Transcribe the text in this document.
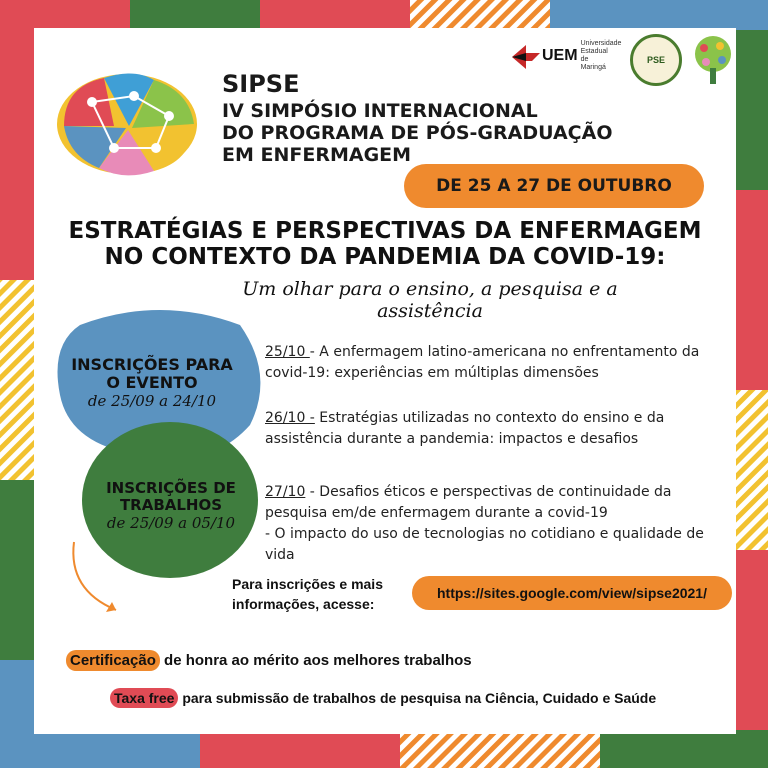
SIPSE
IV SIMPÓSIO INTERNACIONAL
DO PROGRAMA DE PÓS-GRADUAÇÃO
EM ENFERMAGEM
UEM
Universidade Estadual de Maringá
PSE
DE 25 A 27 DE OUTUBRO
ESTRATÉGIAS E PERSPECTIVAS DA ENFERMAGEM
NO CONTEXTO DA PANDEMIA DA COVID-19:
Um olhar para o ensino, a pesquisa e a assistência
INSCRIÇÕES PARA
O EVENTO
de 25/09 a 24/10
INSCRIÇÕES DE
TRABALHOS
de 25/09 a 05/10
25/10 - A enfermagem latino-americana no enfrentamento da covid-19: experiências em múltiplas dimensões
26/10 - Estratégias utilizadas no contexto do ensino e da assistência durante a pandemia: impactos e desafios
27/10 - Desafios éticos e perspectivas de continuidade da pesquisa em/de enfermagem durante a covid-19
- O impacto do uso de tecnologias no cotidiano e qualidade de vida
Para inscrições e mais informações, acesse:
https://sites.google.com/view/sipse2021/
Certificação de honra ao mérito aos melhores trabalhos
Taxa free para submissão de trabalhos de pesquisa na Ciência, Cuidado e Saúde
